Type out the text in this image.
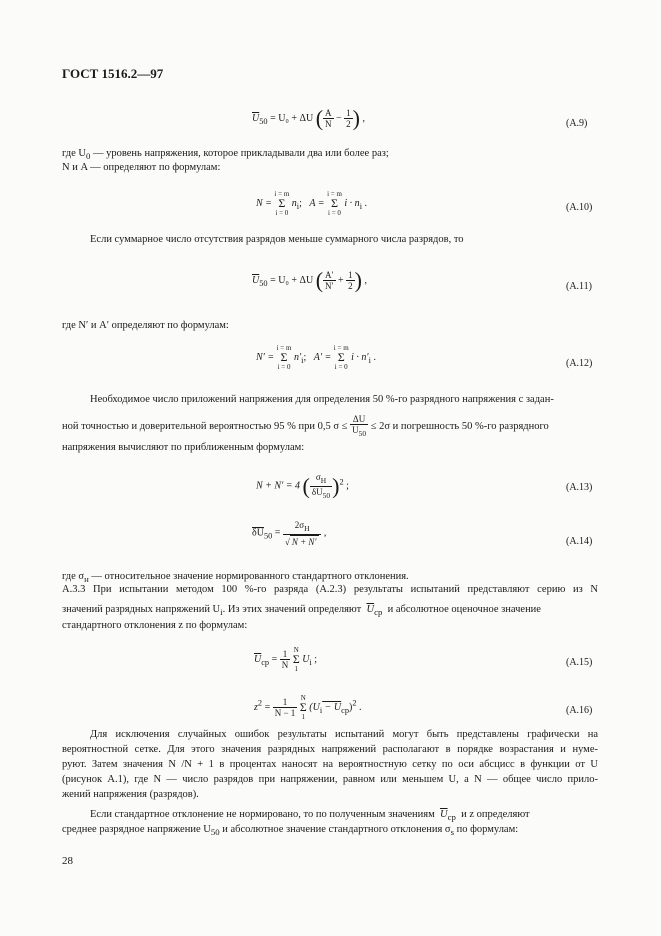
ГОСТ 1516.2—97
$\overline{U}_{50} = U_0 + \Delta U$ ( $\frac{A}{N} - \frac{1}{2}$ ) ,	(А.9)
где $U_0$ — уровень напряжения, которое прикладывали два или более раз;
N и A — определяют по формулам:
N = i = m
Σ
i = 0 $n_i$; A = i = m
Σ
i = 0 $i \cdot n_i$ .	(А.10)
Если суммарное число отсутствия разрядов меньше суммарного числа разрядов, то
$\overline{U}_{50} = U_0 + \Delta U$ ( $\frac{A'}{N'} + \frac{1}{2}$ ) ,
(А.11)
где N′ и A′ определяют по формулам:
N′ = i = m
Σ
i = 0 $n'_i$; A′ = i = m
Σ
i = 0 $i \cdot n'_i$ .
(А.12)
Необходимое число приложений напряжения для определения 50 %-го разрядного напряжения с задан-
ной точностью и доверительной вероятностью 95 % при 0,5 $\sigma \le \frac{\Delta U}{\overline{U}_{50}} \le 2\sigma$ и погрешность 50 %-го разрядного
напряжения вычисляют по приближенным формулам:
N + N′ = 4 ( $\frac{\sigma_H}{\overline{\delta U}_{50}} )^2$ ;	(А.13)
$\overline{\delta U}_{50} = \frac{2\sigma_H}{√ N + N'}$ ,
(А.14)
где $\sigma_н$ — относительное значение нормированного стандартного отклонения.
А.3.3 При испытании методом 100 %-го разряда (А.2.3) результаты испытаний представляют серию из N
значений разрядных напряжений $U_i$. Из этих значений определяют $\overline{U}_{ср}$ и абсолютное оценочное значение
стандартного отклонения z по формулам:
$\overline{U}_{ср} = \frac{1}{N}$ N
Σ
1 $U_i$ ;	(А.15)
$z^2 = \frac{1}{N - 1}$ N
Σ
1 $(U_i - U_{ср})^2$ .	(А.16)
Для исключения случайных ошибок результаты испытаний могут быть представлены графически на
вероятностной сетке. Для этого значения разрядных напряжений располагают в порядке возрастания и нуме-
руют. Затем значения N /N + 1 в процентах наносят на вероятностную сетку по оси абсцисс в функции от U
(рисунок А.1), где N — число разрядов при напряжении, равном или меньшем U, а N — общее число прило-
жений напряжения (разрядов).
Если стандартное отклонение не нормировано, то по полученным значениям $\overline{U}_{ср}$ и z определяют
среднее разрядное напряжение $U_{50}$ и абсолютное значение стандартного отклонения $\sigma_s$ по формулам:
28
